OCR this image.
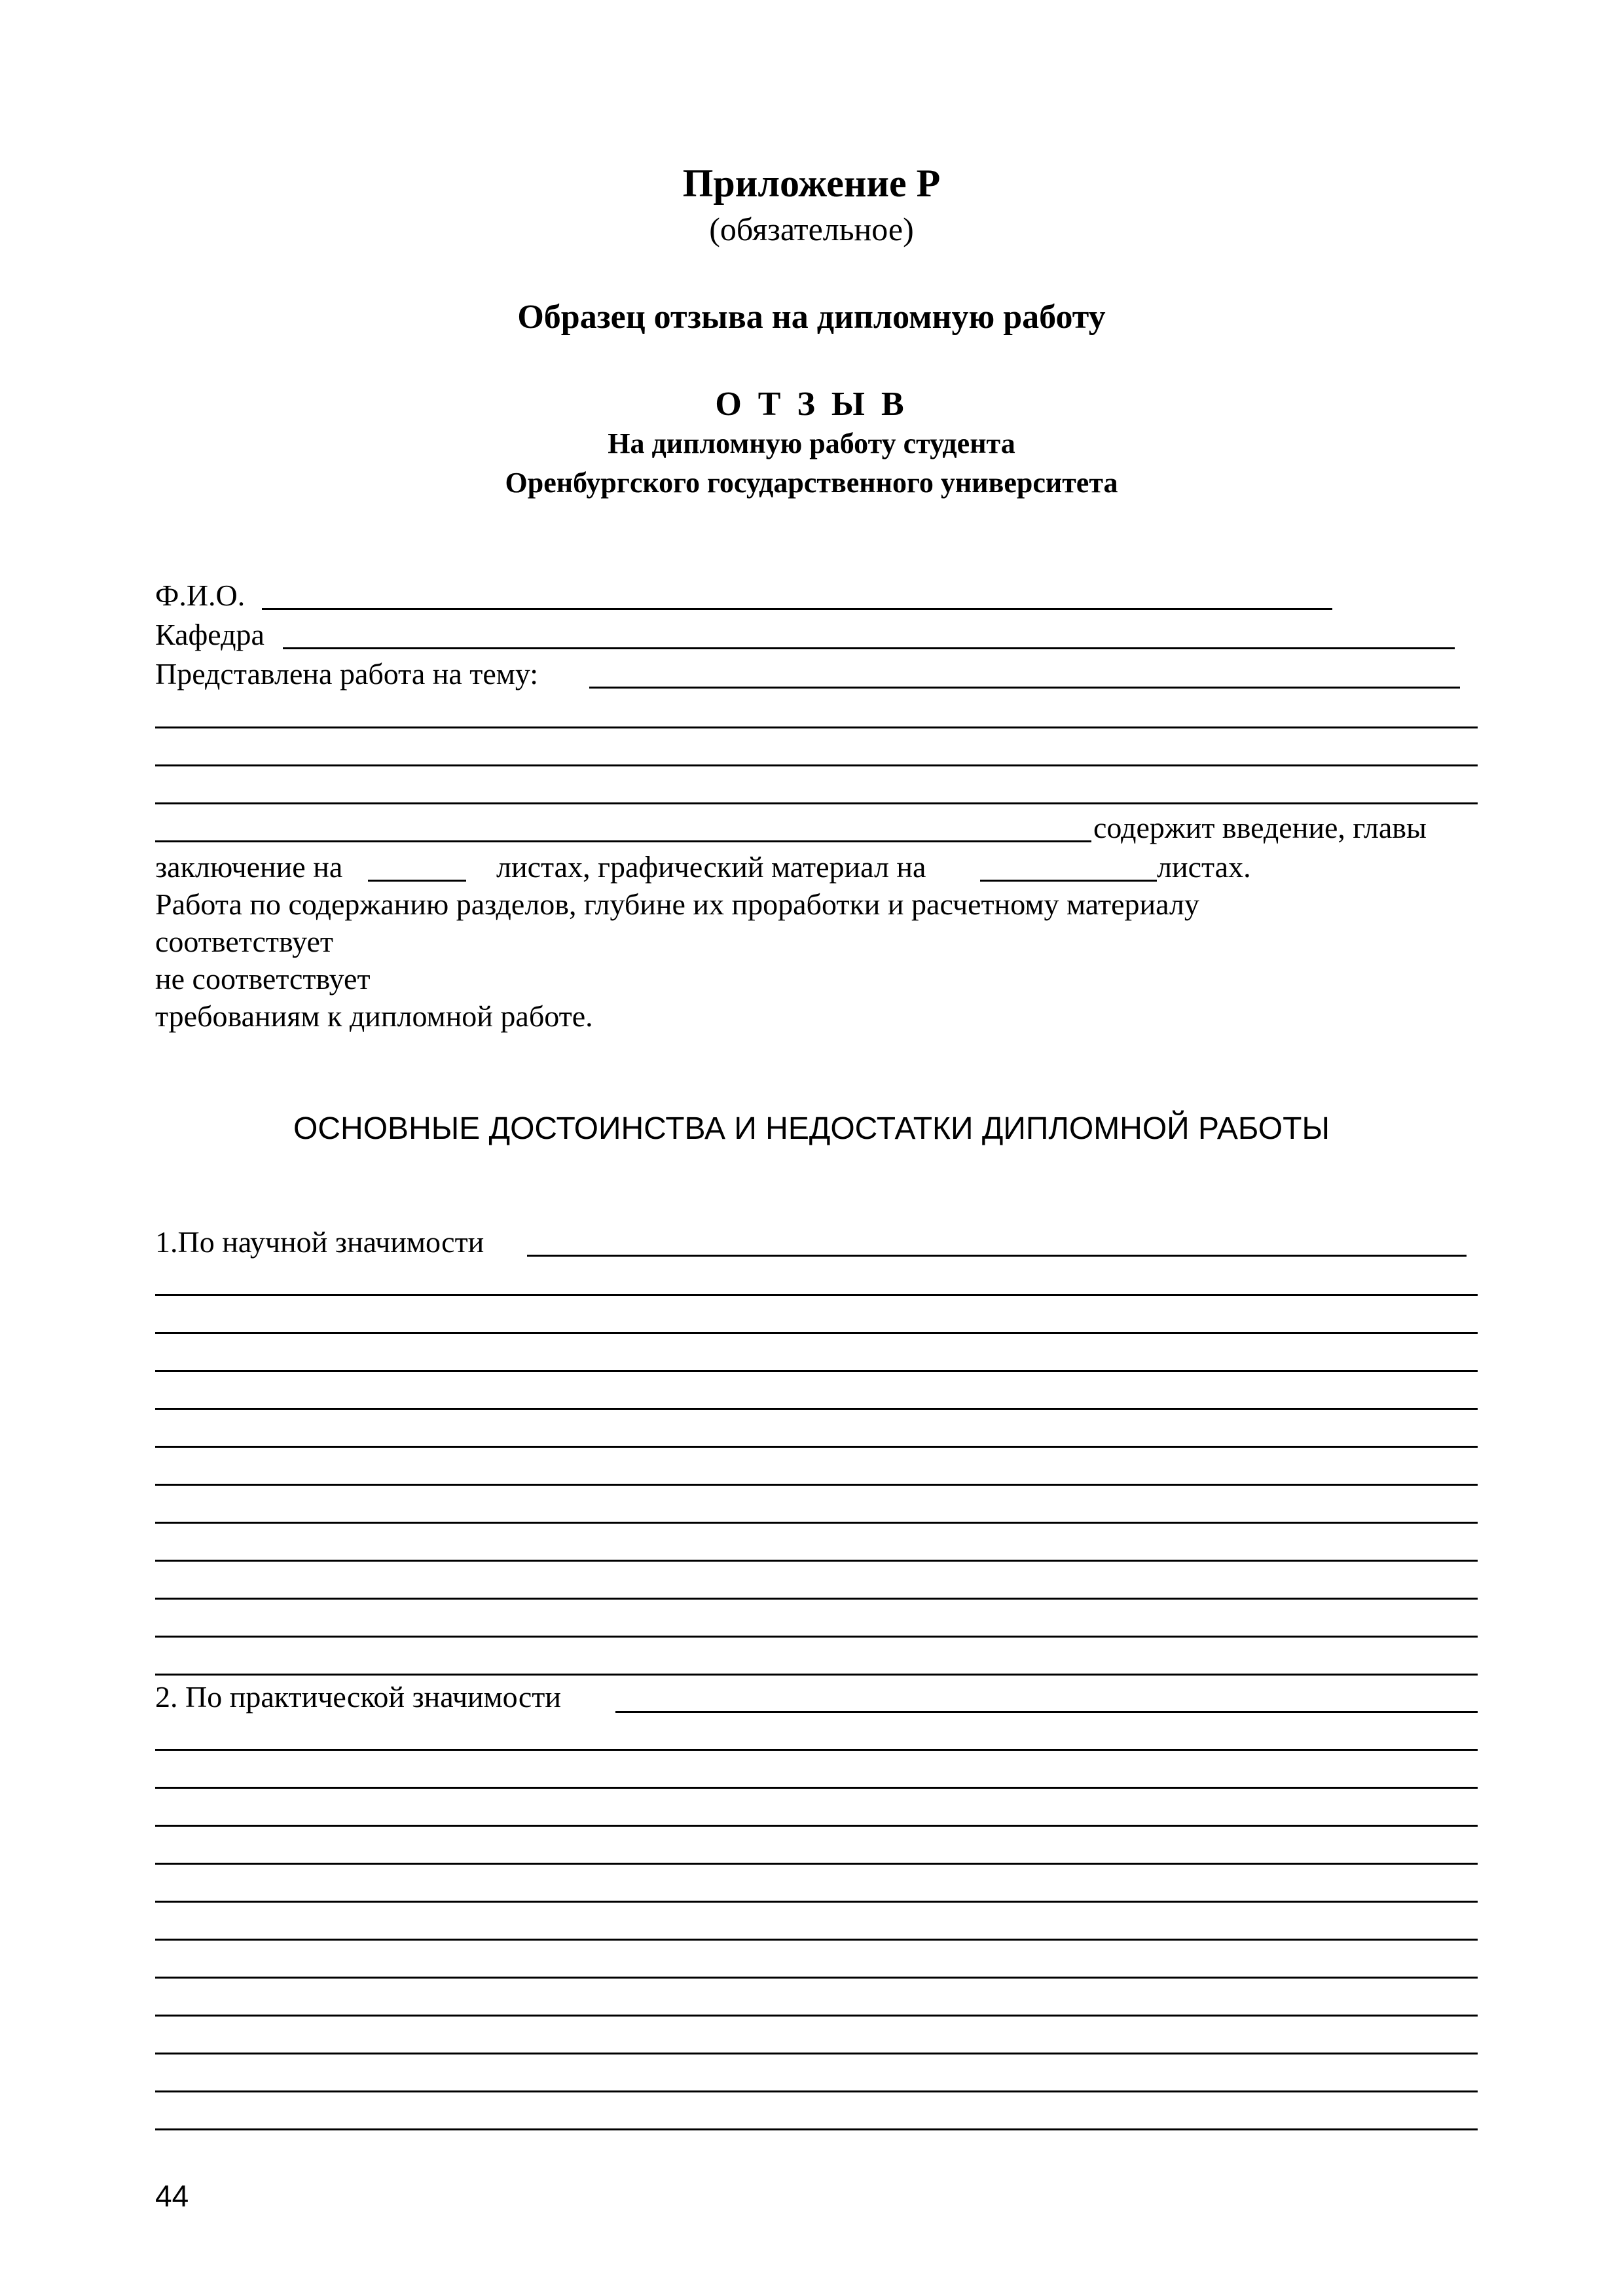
Приложение Р

(обязательное)

Образец отзыва на дипломную работу

О Т З Ы В

На дипломную работу студента

Оренбургского государственного университета

Ф.И.О.
Кафедра
Представлена работа на тему:
содержит введение, главы
заключение на	листах, графический материал на	листах.
Работа по содержанию разделов, глубине их проработки и расчетному материалу
соответствует
не соответствует
требованиям к дипломной работе.

ОСНОВНЫЕ ДОСТОИНСТВА И НЕДОСТАТКИ ДИПЛОМНОЙ РАБОТЫ

1.По научной значимости
2. По практической значимости
44
